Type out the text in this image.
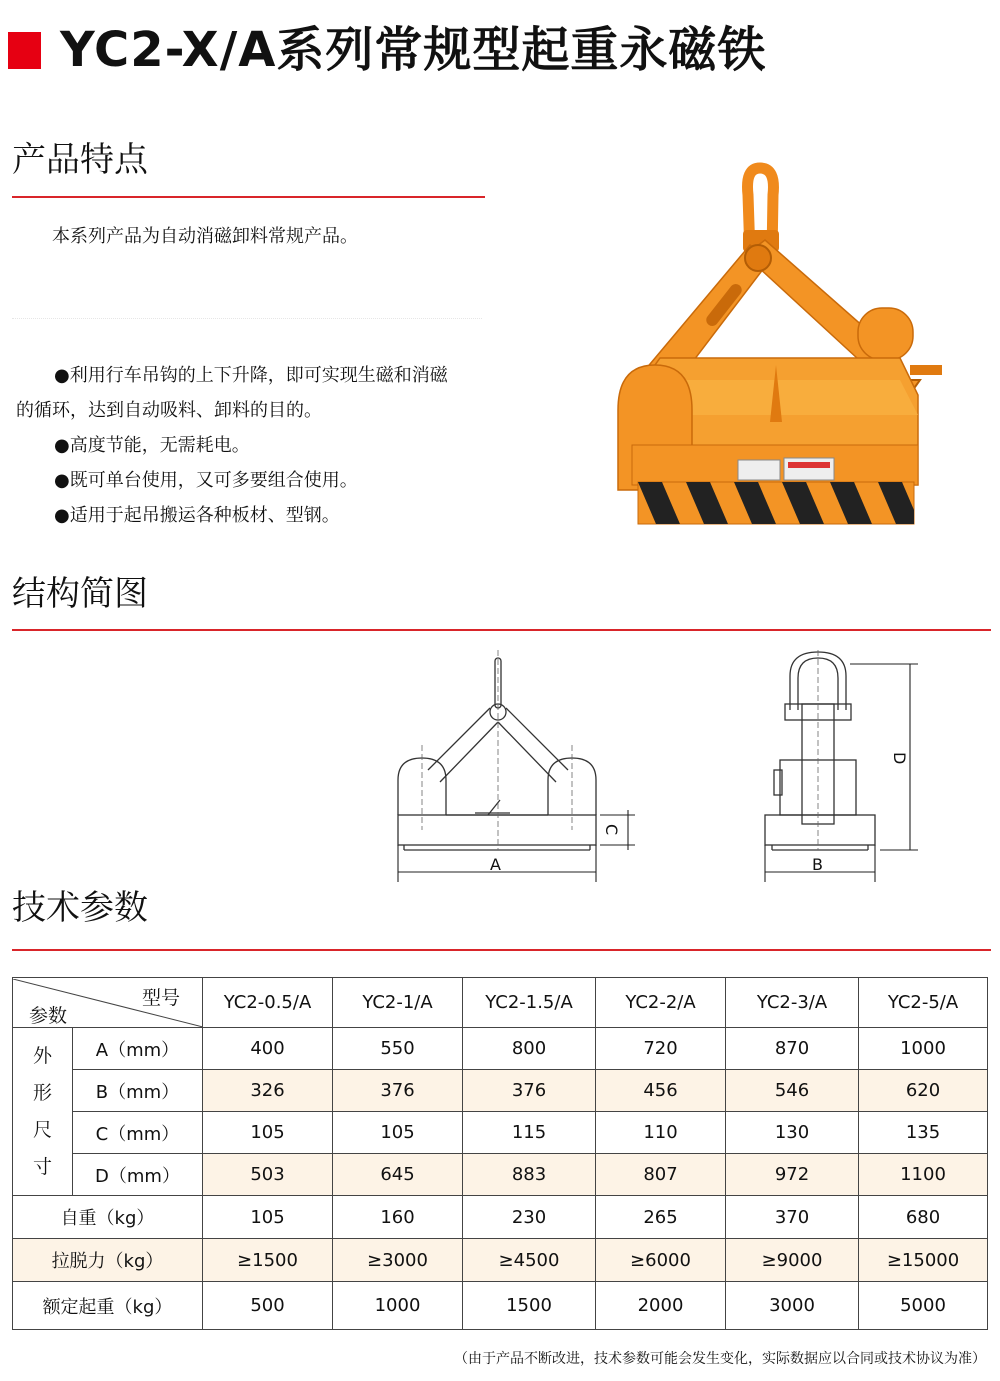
YC2-X/A系列常规型起重永磁铁
产品特点
本系列产品为自动消磁卸料常规产品。
●利用行车吊钩的上下升降，即可实现生磁和消磁
的循环，达到自动吸料、卸料的目的。
●高度节能，无需耗电。
●既可单台使用，又可多要组合使用。
●适用于起吊搬运各种板材、型钢。
结构简图
A
C
B
D
技术参数
型号
参数		YC2-0.5/A	YC2-1/A	YC2-1.5/A	YC2-2/A	YC2-3/A	YC2-5/A

外
形
尺
寸	A（mm）	400	550	800	720	870	1000
	B（mm）	326	376	376	456	546	620
	C（mm）	105	105	115	110	130	135
	D（mm）	503	645	883	807	972	1100
自重（kg）		105	160	230	265	370	680
拉脱力（kg）		≥1500	≥3000	≥4500	≥6000	≥9000	≥15000
额定起重（kg）		500	1000	1500	2000	3000	5000
（由于产品不断改进，技术参数可能会发生变化，实际数据应以合同或技术协议为准）
